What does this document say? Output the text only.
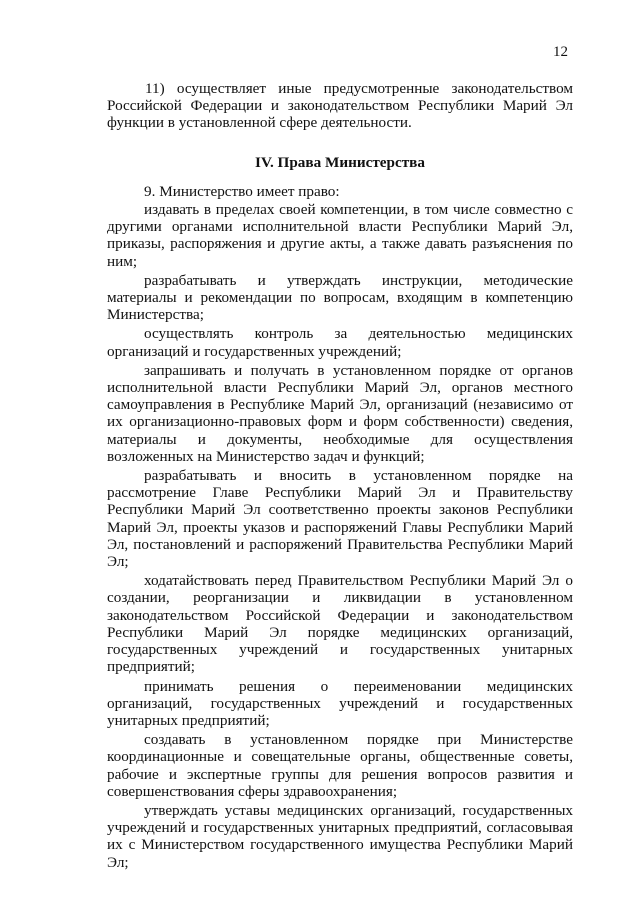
12

11) осуществляет иные предусмотренные законодательством Российской Федерации и законодательством Республики Марий Эл функции в установленной сфере деятельности.

IV. Права Министерства

9. Министерство имеет право:

издавать в пределах своей компетенции, в том числе совместно с другими органами исполнительной власти Республики Марий Эл, приказы, распоряжения и другие акты, а также давать разъяснения по ним;

разрабатывать и утверждать инструкции, методические материалы и рекомендации по вопросам, входящим в компетенцию Министерства;

осуществлять контроль за деятельностью медицинских организаций и государственных учреждений;

запрашивать и получать в установленном порядке от органов исполнительной власти Республики Марий Эл, органов местного самоуправления в Республике Марий Эл, организаций (независимо от их организационно-правовых форм и форм собственности) сведения, материалы и документы, необходимые для осуществления возложенных на Министерство задач и функций;

разрабатывать и вносить в установленном порядке на рассмотрение Главе Республики Марий Эл и Правительству Республики Марий Эл соответственно проекты законов Республики Марий Эл, проекты указов и распоряжений Главы Республики Марий Эл, постановлений и распоряжений Правительства Республики Марий Эл;

ходатайствовать перед Правительством Республики Марий Эл о создании, реорганизации и ликвидации в установленном законодательством Российской Федерации и законодательством Республики Марий Эл порядке медицинских организаций, государственных учреждений и государственных унитарных предприятий;

принимать решения о переименовании медицинских организаций, государственных учреждений и государственных унитарных предприятий;

создавать в установленном порядке при Министерстве координационные и совещательные органы, общественные советы, рабочие и экспертные группы для решения вопросов развития и совершенствования сферы здравоохранения;

утверждать уставы медицинских организаций, государственных учреждений и государственных унитарных предприятий, согласовывая их с Министерством государственного имущества Республики Марий Эл;
